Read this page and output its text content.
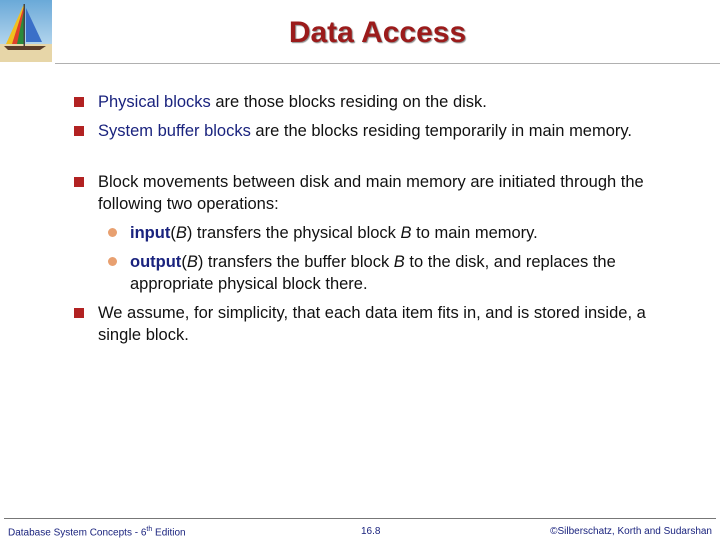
Data Access
Physical blocks are those blocks residing on the disk.
System buffer blocks are the blocks residing temporarily in main memory.
Block movements between disk and main memory are initiated through the following two operations:
input(B) transfers the physical block B to main memory.
output(B) transfers the buffer block B to the disk, and replaces the appropriate physical block there.
We assume, for simplicity, that each data item fits in, and is stored inside, a single block.
Database System Concepts - 6th Edition	16.8	©Silberschatz, Korth and Sudarshan
